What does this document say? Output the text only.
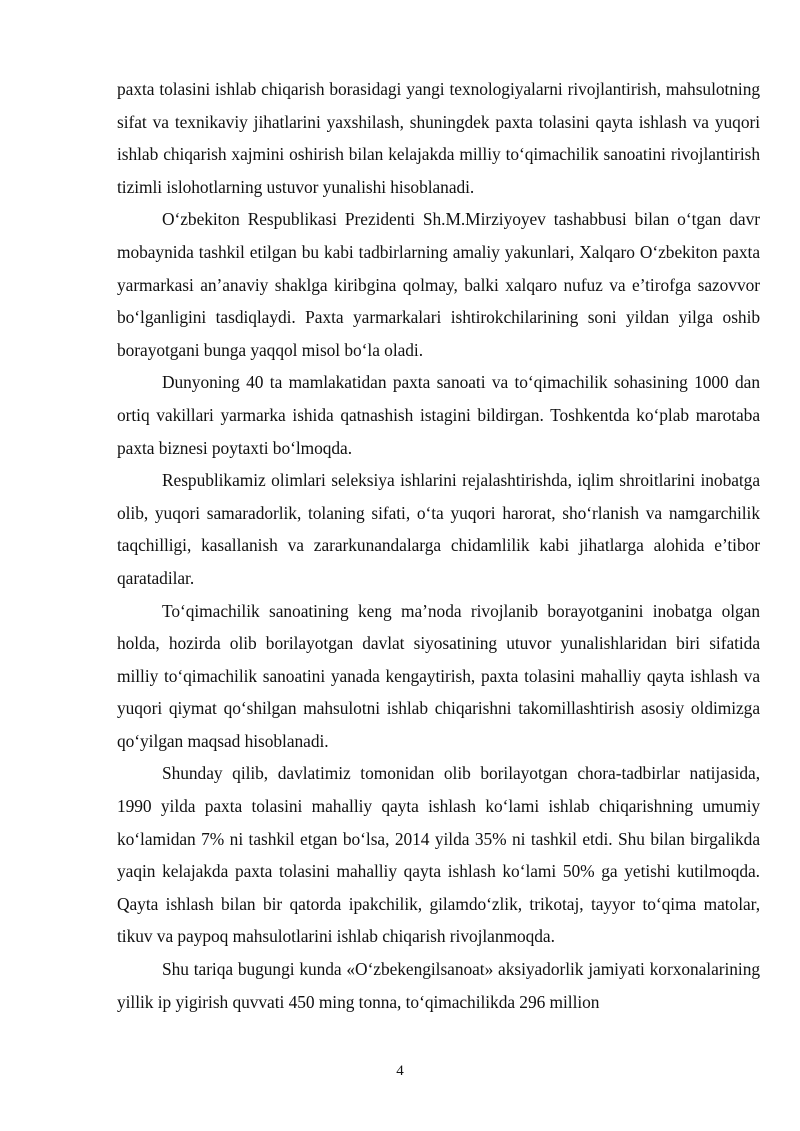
paxta tolasini ishlab chiqarish borasidagi yangi texnologiyalarni rivojlantirish, mahsulotning sifat va texnikaviy jihatlarini yaxshilash, shuningdek paxta tolasini qayta ishlash va yuqori ishlab chiqarish xajmini oshirish bilan kelajakda milliy to‘qimachilik sanoatini rivojlantirish tizimli islohotlarning ustuvor yunalishi hisoblanadi.

O‘zbekiton Respublikasi Prezidenti Sh.M.Mirziyoyev tashabbusi bilan o‘tgan davr mobaynida tashkil etilgan bu kabi tadbirlarning amaliy yakunlari, Xalqaro O‘zbekiton paxta yarmarkasi an’anaviy shaklga kiribgina qolmay, balki xalqaro nufuz va e’tirofga sazovvor bo‘lganligini tasdiqlaydi. Paxta yarmarkalari ishtirokchilarining soni yildan yilga oshib borayotgani bunga yaqqol misol bo‘la oladi.

Dunyoning 40 ta mamlakatidan paxta sanoati va to‘qimachilik sohasining 1000 dan ortiq vakillari yarmarka ishida qatnashish istagini bildirgan. Toshkentda ko‘plab marotaba paxta biznesi poytaxti bo‘lmoqda.

Respublikamiz olimlari seleksiya ishlarini rejalashtirishda, iqlim shroitlarini inobatga olib, yuqori samaradorlik, tolaning sifati, o‘ta yuqori harorat, sho‘rlanish va namgarchilik taqchilligi, kasallanish va zararkunandalarga chidamlilik kabi jihatlarga alohida e’tibor qaratadilar.

To‘qimachilik sanoatining keng ma’noda rivojlanib borayotganini inobatga olgan holda, hozirda olib borilayotgan davlat siyosatining utuvor yunalishlaridan biri sifatida milliy to‘qimachilik sanoatini yanada kengaytirish, paxta tolasini mahalliy qayta ishlash va yuqori qiymat qo‘shilgan mahsulotni ishlab chiqarishni takomillashtirish asosiy oldimizga qo‘yilgan maqsad hisoblanadi.

Shunday qilib, davlatimiz tomonidan olib borilayotgan chora-tadbirlar natijasida, 1990 yilda paxta tolasini mahalliy qayta ishlash ko‘lami ishlab chiqarishning umumiy ko‘lamidan 7% ni tashkil etgan bo‘lsa, 2014 yilda 35% ni tashkil etdi. Shu bilan birgalikda yaqin kelajakda paxta tolasini mahalliy qayta ishlash ko‘lami 50% ga yetishi kutilmoqda. Qayta ishlash bilan bir qatorda ipakchilik, gilamdo‘zlik, trikotaj, tayyor to‘qima matolar, tikuv va paypoq mahsulotlarini ishlab chiqarish rivojlanmoqda.

Shu tariqa bugungi kunda «O‘zbekengilsanoat» aksiyadorlik jamiyati korxonalarining yillik ip yigirish quvvati 450 ming tonna, to‘qimachilikda 296 million

4
